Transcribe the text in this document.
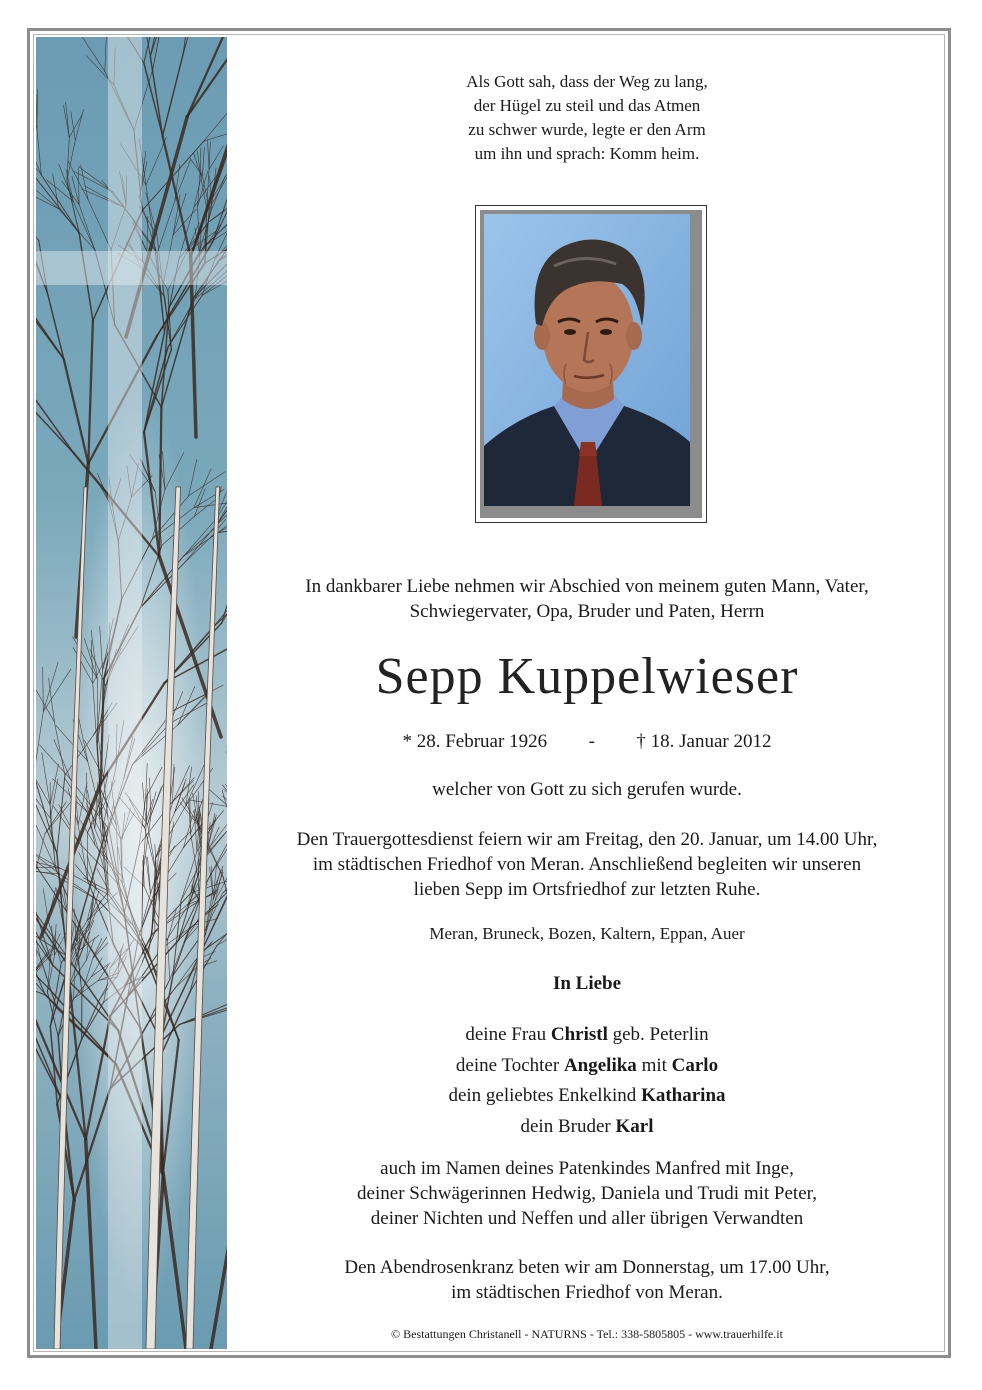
Als Gott sah, dass der Weg zu lang,
der Hügel zu steil und das Atmen
zu schwer wurde, legte er den Arm
um ihn und sprach: Komm heim.
In dankbarer Liebe nehmen wir Abschied von meinem guten Mann, Vater,
Schwiegervater, Opa, Bruder und Paten, Herrn
Sepp Kuppelwieser
* 28. Februar 1926 - † 18. Januar 2012
welcher von Gott zu sich gerufen wurde.
Den Trauergottesdienst feiern wir am Freitag, den 20. Januar, um 14.00 Uhr,
im städtischen Friedhof von Meran. Anschließend begleiten wir unseren
lieben Sepp im Ortsfriedhof zur letzten Ruhe.
Meran, Bruneck, Bozen, Kaltern, Eppan, Auer
In Liebe
deine Frau Christl geb. Peterlin
deine Tochter Angelika mit Carlo
dein geliebtes Enkelkind Katharina
dein Bruder Karl
auch im Namen deines Patenkindes Manfred mit Inge,
deiner Schwägerinnen Hedwig, Daniela und Trudi mit Peter,
deiner Nichten und Neffen und aller übrigen Verwandten
Den Abendrosenkranz beten wir am Donnerstag, um 17.00 Uhr,
im städtischen Friedhof von Meran.
© Bestattungen Christanell - NATURNS - Tel.: 338-5805805 - www.trauerhilfe.it
